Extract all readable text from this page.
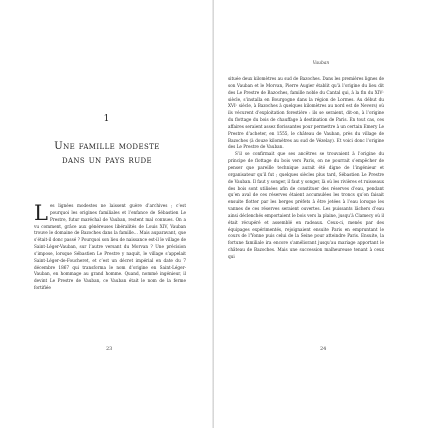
1
Une famille modeste
dans un pays rude
L es lignées modestes ne laissent guère d’archives ; c’est pourquoi les origines familiales et l’enfance de Sébastien Le Prestre, futur maréchal de Vauban, restent mal connues. On a vu comment, grâce aux généreuses libéralités de Louis XIV, Vauban trouve le domaine de Bazoches dans la famille… Mais auparavant, que s’était-il donc passé ? Pourquoi son lieu de naissance est-il le village de Saint-Léger-Vauban, sur l’autre versant du Morvan ? Une précision s’impose, lorsque Sébastien Le Prestre y naquit, le village s’appelait Saint-Léger-de-Foucheret, et c’est un décret impérial en date du 7 décembre 1867 qui transforma le nom d’origine en Saint-Léger-Vauban, en hommage au grand homme. Quand, nommé ingénieur, il devint Le Prestre de Vauban, ce Vauban était le nom de la ferme fortifiée

23
Vauban

située deux kilomètres au sud de Bazoches. Dans les premières lignes de son Vauban et le Morvan, Pierre Augier établit qu’à l’origine du lieu dit des Le Prestre de Bazoches, famille noble du Cantal qui, à la fin du XIVᵉ siècle, s’installa en Bourgogne dans la région de Lormes. Au début du XVIᵉ siècle, à Bazoches à quelques kilomètres au nord est de Nevers) où ils vécurent d’exploitation forestière : ils se seraient, dit-on, à l’origine du flottage du bois de chauffage à destination de Paris. En tout cas, ces affaires seraient assez florissantes pour permettre à un certain Emery Le Prestre d’acheter, en 1555, le château de Vauban, près du village de Bazoches (à douze kilomètres au sud de Vézelay). Et voici donc l’origine des Le Prestre de Vauban.

S’il se confirmait que ses ancêtres se trouvaient à l’origine du principe de flottage du bois vers Paris, on ne pourrait s’empêcher de penser que pareille technique aurait été digne de l’ingénieur et organisateur qu’il fut ; quelques siècles plus tard, Sébastien Le Prestre de Vauban. Il faut y songer, il faut y songer, là où les rivières et ruisseaux des bois sont utilisées afin de constituer des réserves d’eau, pendant qu’en aval de ces réserves étaient accumulées les troncs qu’on faisait ensuite flotter par les berges préfets à être jetées à l’eau lorsque les vannes de ces réserves seraient ouvertes. Les puissants lâchers d’eau ainsi déclenchés emportaient le bois vers la plaine, jusqu’à Clamecy où il était récupéré et assemblé en radeaux. Ceux-ci, menés par des équipages expérimentés, rejoignaient ensuite Paris en empruntant le cours de l’Yonne puis celui de la Seine pour atteindre Paris. Ensuite, la fortune familiale ira encore s’améliorant jusqu’au mariage apportant le château de Bazoches. Mais une succession malheureuse tenant à ceux qui

24
